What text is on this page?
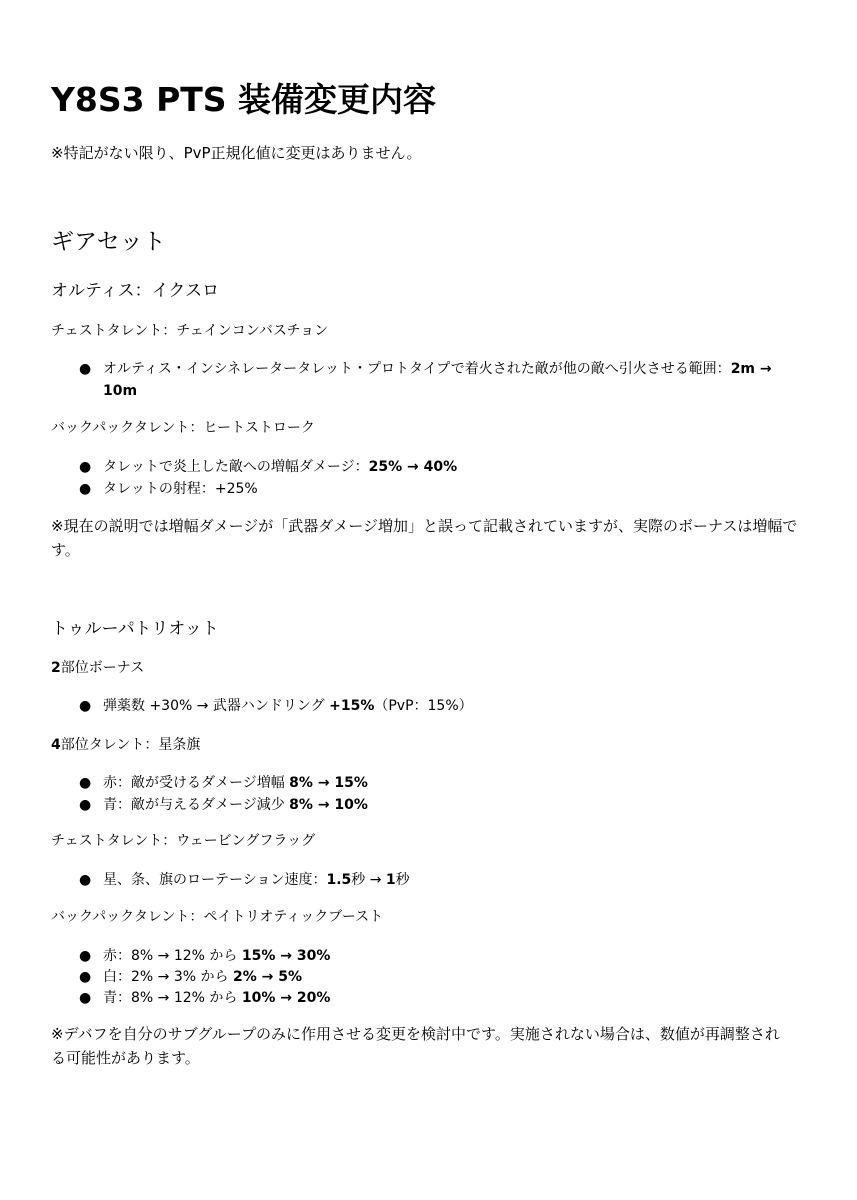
Y8S3 PTS 装備変更内容
※特記がない限り、PvP正規化値に変更はありません。
ギアセット
オルティス：イクスロ
チェストタレント：チェインコンバスチョン
● オルティス・インシネレータータレット・プロトタイプで着火された敵が他の敵へ引火させる範囲：2m →
10m
バックパックタレント：ヒートストローク
● タレットで炎上した敵への増幅ダメージ：25% → 40%
● タレットの射程：+25%
※現在の説明では増幅ダメージが「武器ダメージ増加」と誤って記載されていますが、実際のボーナスは増幅で
す。
トゥルーパトリオット
2部位ボーナス
● 弾薬数 +30% → 武器ハンドリング +15%（PvP：15%）
4部位タレント：星条旗
● 赤：敵が受けるダメージ増幅 8% → 15%
● 青：敵が与えるダメージ減少 8% → 10%
チェストタレント：ウェービングフラッグ
● 星、条、旗のローテーション速度：1.5秒 → 1秒
バックパックタレント：ペイトリオティックブースト
● 赤：8% → 12% から 15% → 30%
● 白：2% → 3% から 2% → 5%
● 青：8% → 12% から 10% → 20%
※デバフを自分のサブグループのみに作用させる変更を検討中です。実施されない場合は、数値が再調整され
る可能性があります。
